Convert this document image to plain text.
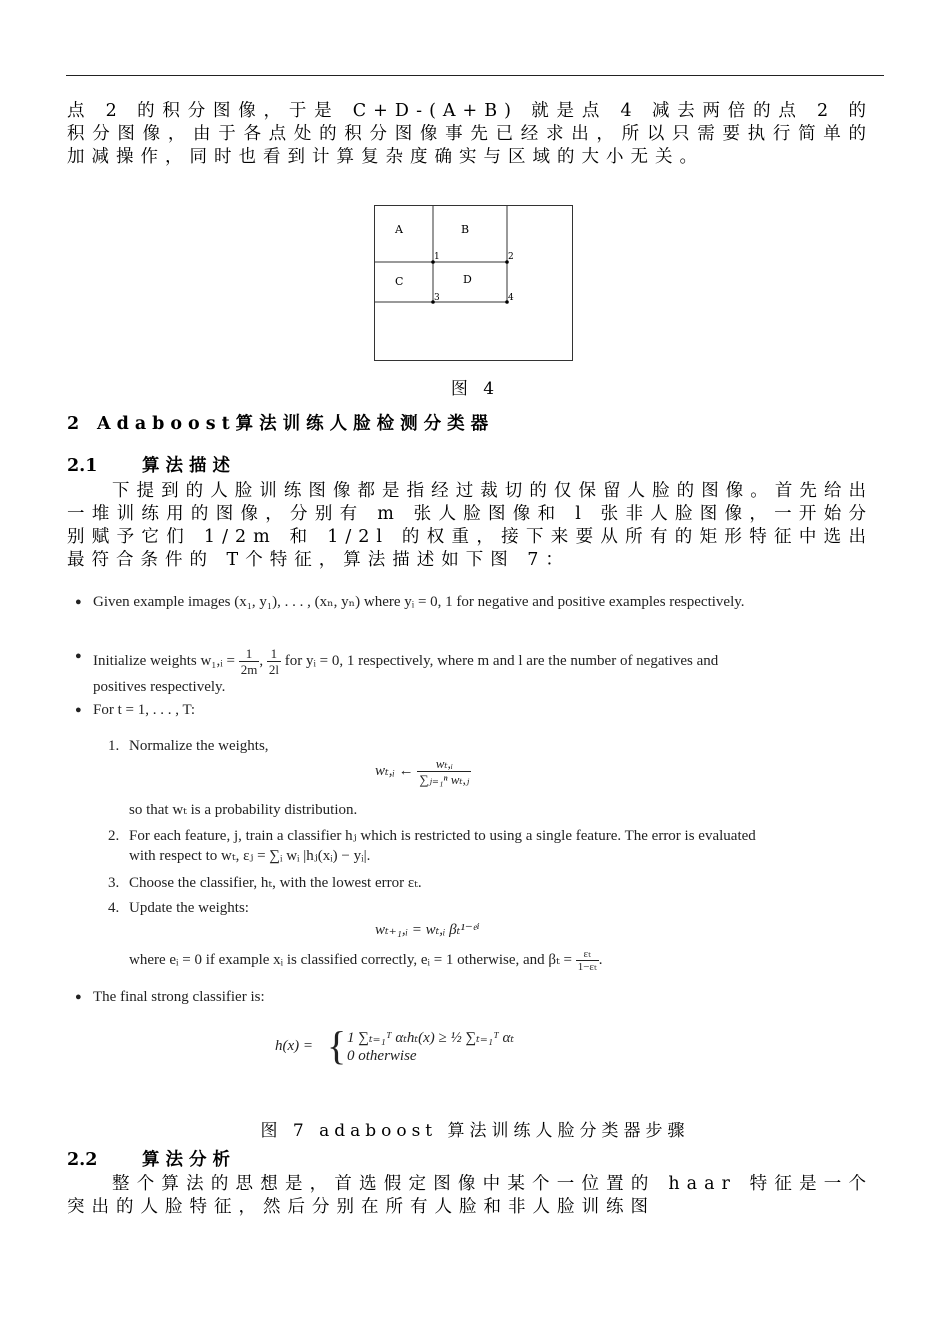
点 2 的积分图像，于是 C+D-(A+B) 就是点 4 减去两倍的点 2 的积分图像，由于各点处的积分图像事先已经求出，所以只需要执行简单的加减操作，同时也看到计算复杂度确实与区域的大小无关。
A	B
C	D
1	2
3	4
图 4
2 Adaboost算法训练人脸检测分类器
2.1	算法描述
下提到的人脸训练图像都是指经过裁切的仅保留人脸的图像。首先给出一堆训练用的图像，分别有 m 张人脸图像和 l 张非人脸图像，一开始分别赋予它们 1/2m 和 1/2l 的权重，接下来要从所有的矩形特征中选出最符合条件的 T个特征，算法描述如下图 7：
● Given example images (x₁, y₁), . . . , (xₙ, yₙ) where yᵢ = 0, 1 for negative and positive examples respectively.
● Initialize weights w₁,ᵢ = $\frac{1}{2m}$ , $\frac{1}{2l}$ for yᵢ = 0, 1 respectively, where m and l are the number of negatives and positives respectively.
● For t = 1, . . . , T:
1. Normalize the weights,
wₜ,ᵢ ← $\frac{\text{wₜ,ᵢ}}{\text{∑ⱼ₌₁ⁿ wₜ,ⱼ}}$
so that wₜ is a probability distribution.
2. For each feature, j, train a classifier hⱼ which is restricted to using a single feature. The error is evaluated with respect to wₜ, εⱼ = ∑ᵢ wᵢ |hⱼ(xᵢ) − yᵢ|.
3. Choose the classifier, hₜ, with the lowest error εₜ.
4. Update the weights:
wₜ₊₁,ᵢ = wₜ,ᵢ βₜ¹⁻ᵉⁱ
where eᵢ = 0 if example xᵢ is classified correctly, eᵢ = 1 otherwise, and $\beta_t = \frac{\text{εₜ}}{\text{1−εₜ}}$ .
● The final strong classifier is:
h(x) = { 1 ∑ₜ₌₁ᵀ αₜhₜ(x) ≥ ½ ∑ₜ₌₁ᵀ αₜ
0 otherwise
图 7 adaboost 算法训练人脸分类器步骤
2.2	算法分析
整个算法的思想是，首选假定图像中某个一位置的 haar 特征是一个突出的人脸特征，然后分别在所有人脸和非人脸训练图
